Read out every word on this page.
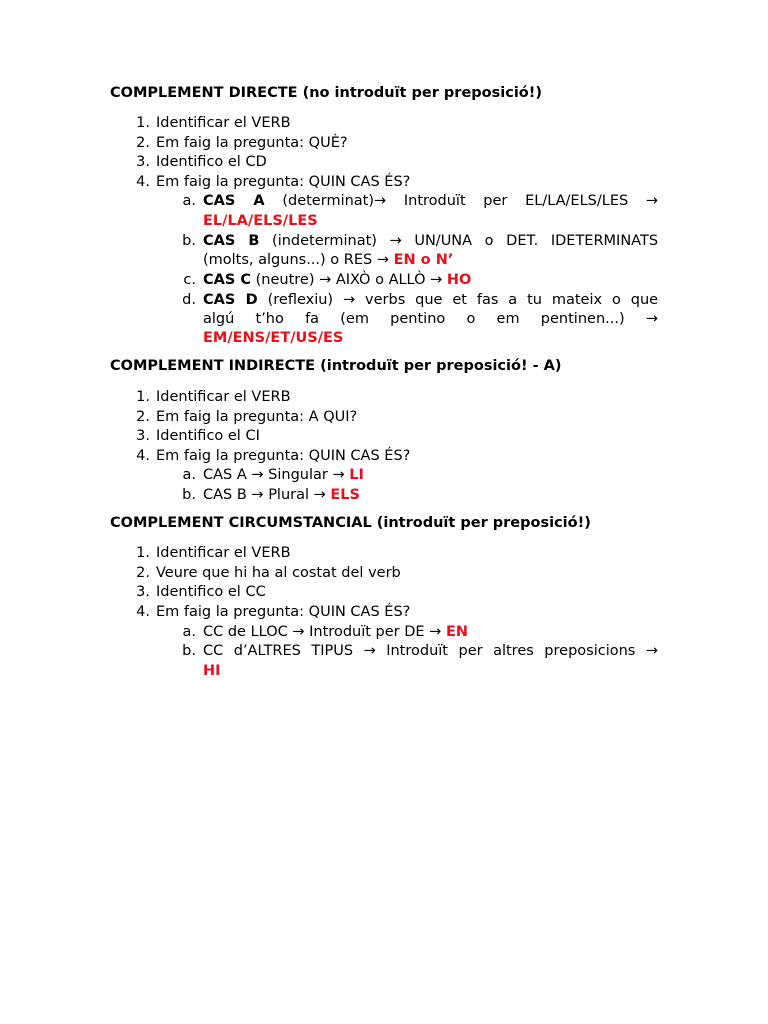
COMPLEMENT DIRECTE (no introduït per preposició!)
1. Identificar el VERB
2. Em faig la pregunta: QUÈ?
3. Identifico el CD
4. Em faig la pregunta: QUIN CAS ÉS?
a. CAS A (determinat)→ Introduït per EL/LA/ELS/LES →
EL/LA/ELS/LES
b. CAS B (indeterminat) → UN/UNA o DET. IDETERMINATS
(molts, alguns...) o RES → EN o N’
c. CAS C (neutre) → AIXÒ o ALLÒ → HO
d. CAS D (reflexiu) → verbs que et fas a tu mateix o que
algú t’ho fa (em pentino o em pentinen...) →
EM/ENS/ET/US/ES
COMPLEMENT INDIRECTE (introduït per preposició! - A)
1. Identificar el VERB
2. Em faig la pregunta: A QUI?
3. Identifico el CI
4. Em faig la pregunta: QUIN CAS ÉS?
a. CAS A → Singular → LI
b. CAS B → Plural → ELS
COMPLEMENT CIRCUMSTANCIAL (introduït per preposició!)
1. Identificar el VERB
2. Veure que hi ha al costat del verb
3. Identifico el CC
4. Em faig la pregunta: QUIN CAS ÉS?
a. CC de LLOC → Introduït per DE → EN
b. CC d’ALTRES TIPUS → Introduït per altres preposicions →
HI
